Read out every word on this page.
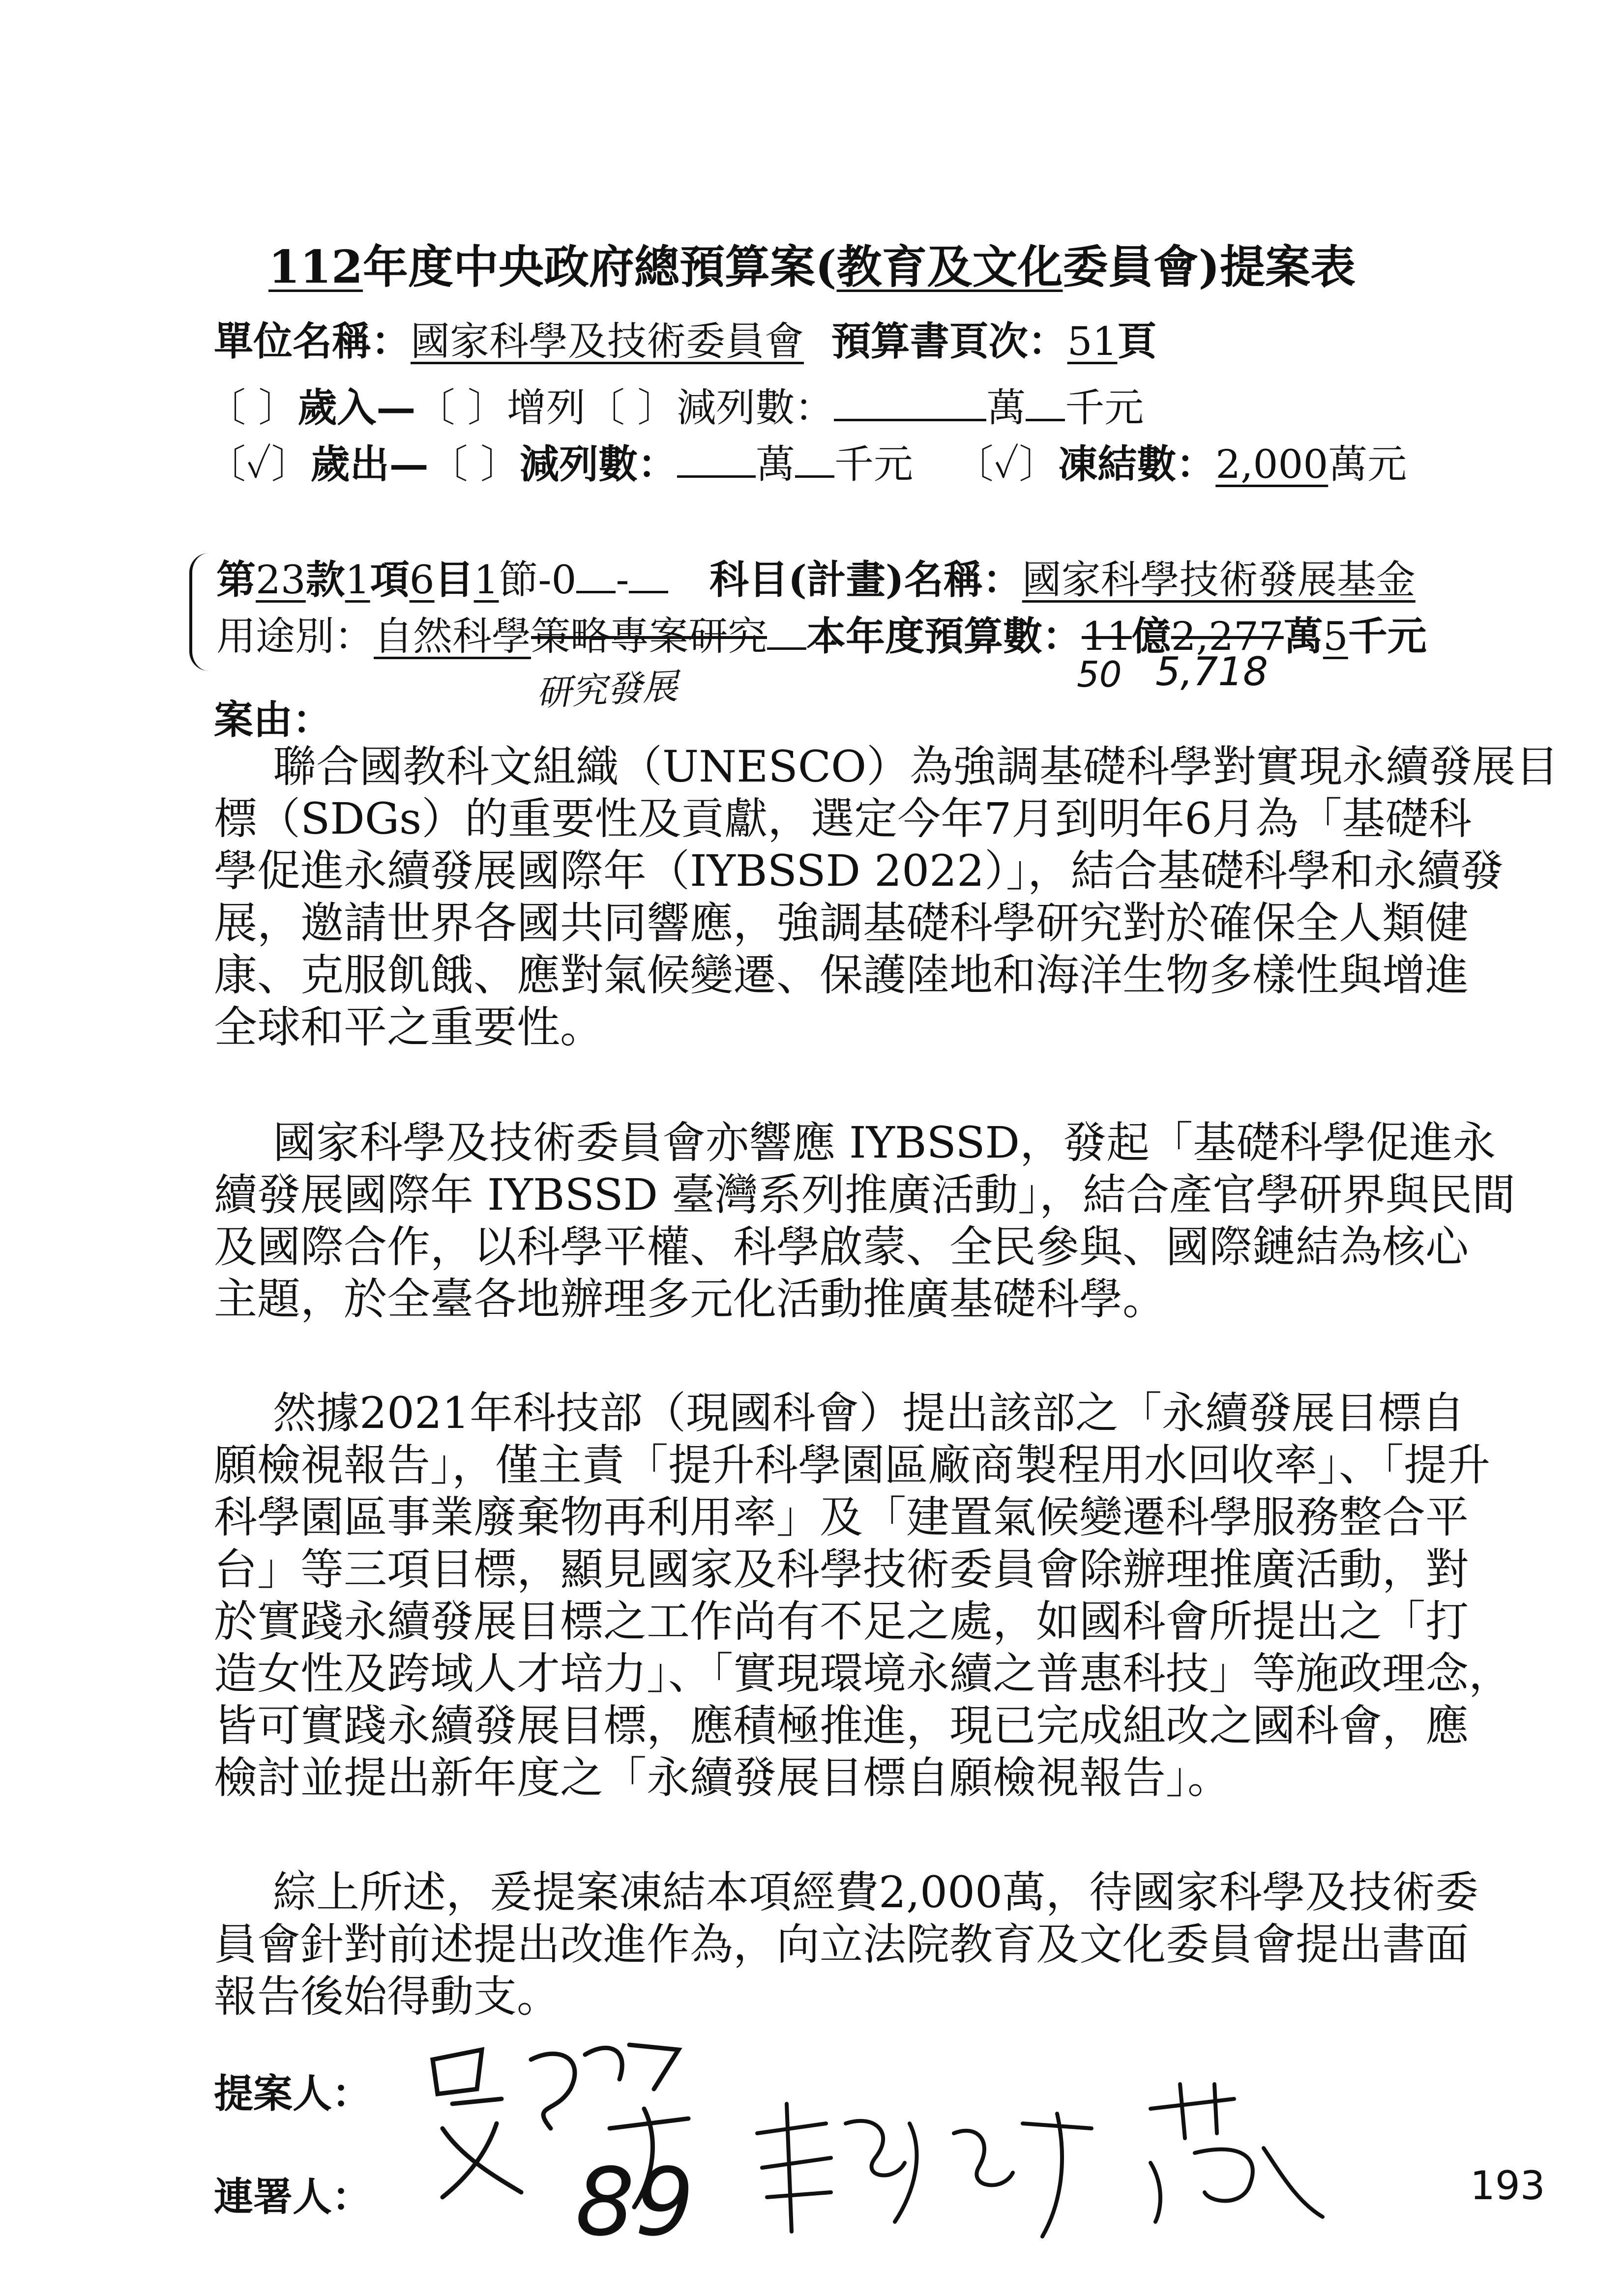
112年度中央政府總預算案(教育及文化委員會)提案表
單位名稱：國家科學及技術委員會 預算書頁次：51頁
〔 〕歲入—〔 〕增列〔 〕減列數：	萬 千元
〔✓〕歲出—〔 〕減列數： 萬 千元 〔✓〕凍結數：2,000萬元
第23款1項6目1節-0 - 科目(計畫)名稱：國家科學技術發展基金
用途別：自然科學策略專案研究 本年度預算數：11億2,277萬5千元
研究發展	50 5,718
案由：
聯合國教科文組織（UNESCO）為強調基礎科學對實現永續發展目
標（SDGs）的重要性及貢獻，選定今年7月到明年6月為「基礎科
學促進永續發展國際年（IYBSSD 2022）」，結合基礎科學和永續發
展，邀請世界各國共同響應，強調基礎科學研究對於確保全人類健
康、克服飢餓、應對氣候變遷、保護陸地和海洋生物多樣性與增進
全球和平之重要性。
國家科學及技術委員會亦響應 IYBSSD，發起「基礎科學促進永
續發展國際年 IYBSSD 臺灣系列推廣活動」，結合產官學研界與民間
及國際合作，以科學平權、科學啟蒙、全民參與、國際鏈結為核心
主題，於全臺各地辦理多元化活動推廣基礎科學。
然據2021年科技部（現國科會）提出該部之「永續發展目標自
願檢視報告」，僅主責「提升科學園區廠商製程用水回收率」、「提升
科學園區事業廢棄物再利用率」及「建置氣候變遷科學服務整合平
台」等三項目標，顯見國家及科學技術委員會除辦理推廣活動，對
於實踐永續發展目標之工作尚有不足之處，如國科會所提出之「打
造女性及跨域人才培力」、「實現環境永續之普惠科技」等施政理念，
皆可實踐永續發展目標，應積極推進，現已完成組改之國科會，應
檢討並提出新年度之「永續發展目標自願檢視報告」。
綜上所述，爰提案凍結本項經費2,000萬，待國家科學及技術委
員會針對前述提出改進作為，向立法院教育及文化委員會提出書面
報告後始得動支。
提案人：
連署人： 89	193
